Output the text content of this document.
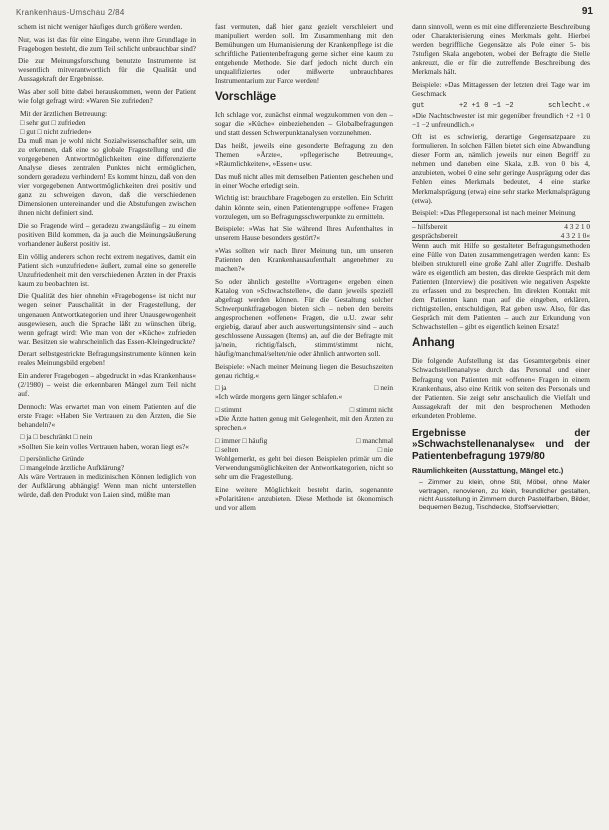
Krankenhaus-Umschau 2/84	91

schem ist nicht weniger häufiges durch größere werden.

Nur, was ist das für eine Eingabe, wenn ihre Grundlage in Fragebogen besteht, die zum Teil schlicht unbrauchbar sind?

Die zur Meinungsforschung benutzte Instrumente ist wesentlich mitverantwortlich für die Qualität und Aussagekraft der Ergebnisse.

Was aber soll bitte dabei herauskommen, wenn der Patient wie folgt gefragt wird: »Waren Sie zufrieden?

Mit der ärztlichen Betreuung:

□ sehr gut □ zufrieden

□ gut □ nicht zufrieden«

Da muß man je wohl nicht Sozialwissenschaftler sein, um zu erkennen, daß eine so globale Fragestellung und die vorgegebenen Antwortmöglichkeiten eine differenzierte Analyse dieses zentralen Punktes nicht ermöglichen, sondern geradezu verhindern! Es kommt hinzu, daß von den vier vorgegebenen Antwortmöglichkeiten drei positiv und ganz zu schweigen davon, daß die verschiedenen Dimensionen untereinander und die Abstufungen zwischen ihnen nicht definiert sind.

Die so Fragende wird – geradezu zwangsläufig – zu einem positiven Bild kommen, da ja auch die Meinungsäußerung vorhandener äußerst positiv ist.

Ein völlig anderers schon recht extrem negatives, damit ein Patient sich »unzufrieden« äußert, zumal eine so generelle Unzufriedenheit mit den verschiedenen Ärzten in der Praxis kaum zu beobachten ist.

Die Qualität des hier ohnehin »Fragebogens« ist nicht nur wegen seiner Pauschalität in der Fragestellung, der ungenauen Antwortkategorien und ihrer Unausgewogenheit ausgewiesen, auch die Sprache läßt zu wünschen übrig, wenn gefragt wird: Wie man von der »Küche« zufrieden war. Besitzen sie wahrscheinlich das Essen-Kleingedruckte?

Derart selbstgestrickte Befragungsinstrumente können kein reales Meinungsbild ergeben!

Ein anderer Fragebogen – abgedruckt in »das Krankenhaus« (2/1980) – weist die erkennbaren Mängel zum Teil nicht auf.

Dennoch: Was erwartet man von einem Patienten auf die erste Frage: »Haben Sie Vertrauen zu den Ärzten, die Sie behandeln?«

□ ja □ beschränkt □ nein

»Sollten Sie kein volles Vertrauen haben, woran liegt es?«

□ persönliche Gründe

□ mangelnde ärztliche Aufklärung?

Als wäre Vertrauen in medizinischen Können lediglich von der Aufklärung abhängig! Wenn man nicht unterstellen würde, daß den Produkt von Laien sind, müßte man

fast vermuten, daß hier ganz gezielt verschleiert und manipuliert werden soll. Im Zusammenhang mit den Bemühungen um Humanisierung der Krankenpflege ist die schriftliche Patientenbefragung gerne sicher eine kaum zu entgehende Methode. Sie darf jedoch nicht durch ein unqualifiziertes oder mißwerte unbrauchbares Instrumentarium zur Farce werden!

Vorschläge

Ich schlage vor, zunächst einmal wegzukommen von den – sogar die »Küche« einbeziehenden – Globalbefragungen und statt dessen Schwerpunktanalysen vorzunehmen.

Das heißt, jeweils eine gesonderte Befragung zu den Themen »Ärzte«, »pflegerische Betreuung«, »Räumlichkeiten«, »Essen« usw.

Das muß nicht alles mit demselben Patienten geschehen und in einer Woche erledigt sein.

Wichtig ist: brauchbare Fragebogen zu erstellen. Ein Schritt dahin könnte sein, einen Patientengruppe »offene« Fragen vorzulegen, um so Befragungsschwerpunkte zu ermitteln.

Beispiele: »Was hat Sie während Ihres Aufenthaltes in unserem Hause besonders gestört?«

»Was sollten wir nach Ihrer Meinung tun, um unseren Patienten den Krankenhausaufenthalt angenehmer zu machen?«

So oder ähnlich gestellte »Vortragen« ergeben einen Katalog von »Schwachstellen«, die dann jeweils speziell abgefragt werden können. Für die Gestaltung solcher Schwerpunktfragebogen bieten sich – neben den bereits angesprochenen »offenen« Fragen, die u.U. zwar sehr ergiebig, darauf aber auch auswertungsintensiv sind – auch geschlossene Aussagen (Items) an, auf die der Befragte mit ja/nein, richtig/falsch, stimmt/stimmt nicht, häufig/manchmal/selten/nie oder ähnlich antworten soll.

Beispiele: »Nach meiner Meinung liegen die Besuchszeiten genau richtig.«

□ ja	□ nein

»Ich würde morgens gern länger schlafen.«

□ stimmt	□ stimmt nicht

»Die Ärzte hatten genug mit Gelegenheit, mit den Ärzten zu sprechen.«

□ immer □ häufig	□ manchmal
□ selten	□ nie

Wohlgemerkt, es geht bei diesen Beispielen primär um die Verwendungsmöglichkeiten der Antwortkategorien, nicht so sehr um die Fragestellung.

Eine weitere Möglichkeit besteht darin, sogenannte »Polaritäten« anzubieten. Diese Methode ist ökonomisch und vor allem

dann sinnvoll, wenn es mit eine differenzierte Beschreibung oder Charakterisierung eines Merkmals geht. Hierbei werden begriffliche Gegensätze als Pole einer 5- bis 7stufigen Skala angeboten, wobei der Befragte die Stelle ankreuzt, die er für die zutreffende Beschreibung des Merkmals hält.

Beispiele: »Das Mittagessen der letzten drei Tage war im Geschmack

gut	+2 +1 0 −1 −2	schlecht.«

»Die Nachtschwester ist mir gegenüber freundlich +2 +1 0 −1 −2 unfreundlich.«

Oft ist es schwierig, derartige Gegensatzpaare zu formulieren. In solchen Fällen bietet sich eine Abwandlung dieser Form an, nämlich jeweils nur einen Begriff zu nehmen und daneben eine Skala, z.B. von 0 bis 4, anzubieten, wobei 0 eine sehr geringe Ausprägung oder das Fehlen eines Merkmals bedeutet, 4 eine starke Merkmalsprägung (etwa) eine sehr starke Merkmalsprägung (etwa).

Beispiel: »Das Pflegepersonal ist nach meiner Meinung

– hilfsbereit	4 3 2 1 0
gesprächsbereit	4 3 2 1 0«

Wenn auch mit Hilfe so gestalteter Befragungsmethoden eine Fülle von Daten zusammengetragen werden kann: Es bleiben strukturell eine große Zahl aller Zugriffe. Deshalb wäre es eigentlich am besten, das direkte Gespräch mit dem Patienten (Interview) die positiven wie negativen Aspekte zu erfassen und zu besprechen. Im direkten Kontakt mit dem Patienten kann man auf die eingeben, erklären, richtigstellen, entschuldigen, Rat geben usw. Also, für das Gespräch mit dem Patienten – auch zur Erkundung von Schwachstellen – gibt es eigentlich keinen Ersatz!

Anhang

Die folgende Aufstellung ist das Gesamtergebnis einer Schwachstellenanalyse durch das Personal und einer Befragung von Patienten mit »offenen« Fragen in einem Krankenhaus, also eine Kritik von seiten des Personals und der Patienten. Sie zeigt sehr anschaulich die Vielfalt und Aussagekraft der mit den besprochenen Methoden erkundeten Probleme.

Ergebnisse der »Schwachstellenanalyse« und der Patientenbefragung 1979/80
Räumlichkeiten (Ausstattung, Mängel etc.)

– Zimmer zu klein, ohne Stil, Möbel, ohne Maler vertragen, renovieren, zu klein, freundlicher gestalten, nicht Ausstellung in Zimmern durch Pastellfarben, Bilder, bequemen Bezug, Tischdecke, Stoffservietten;
